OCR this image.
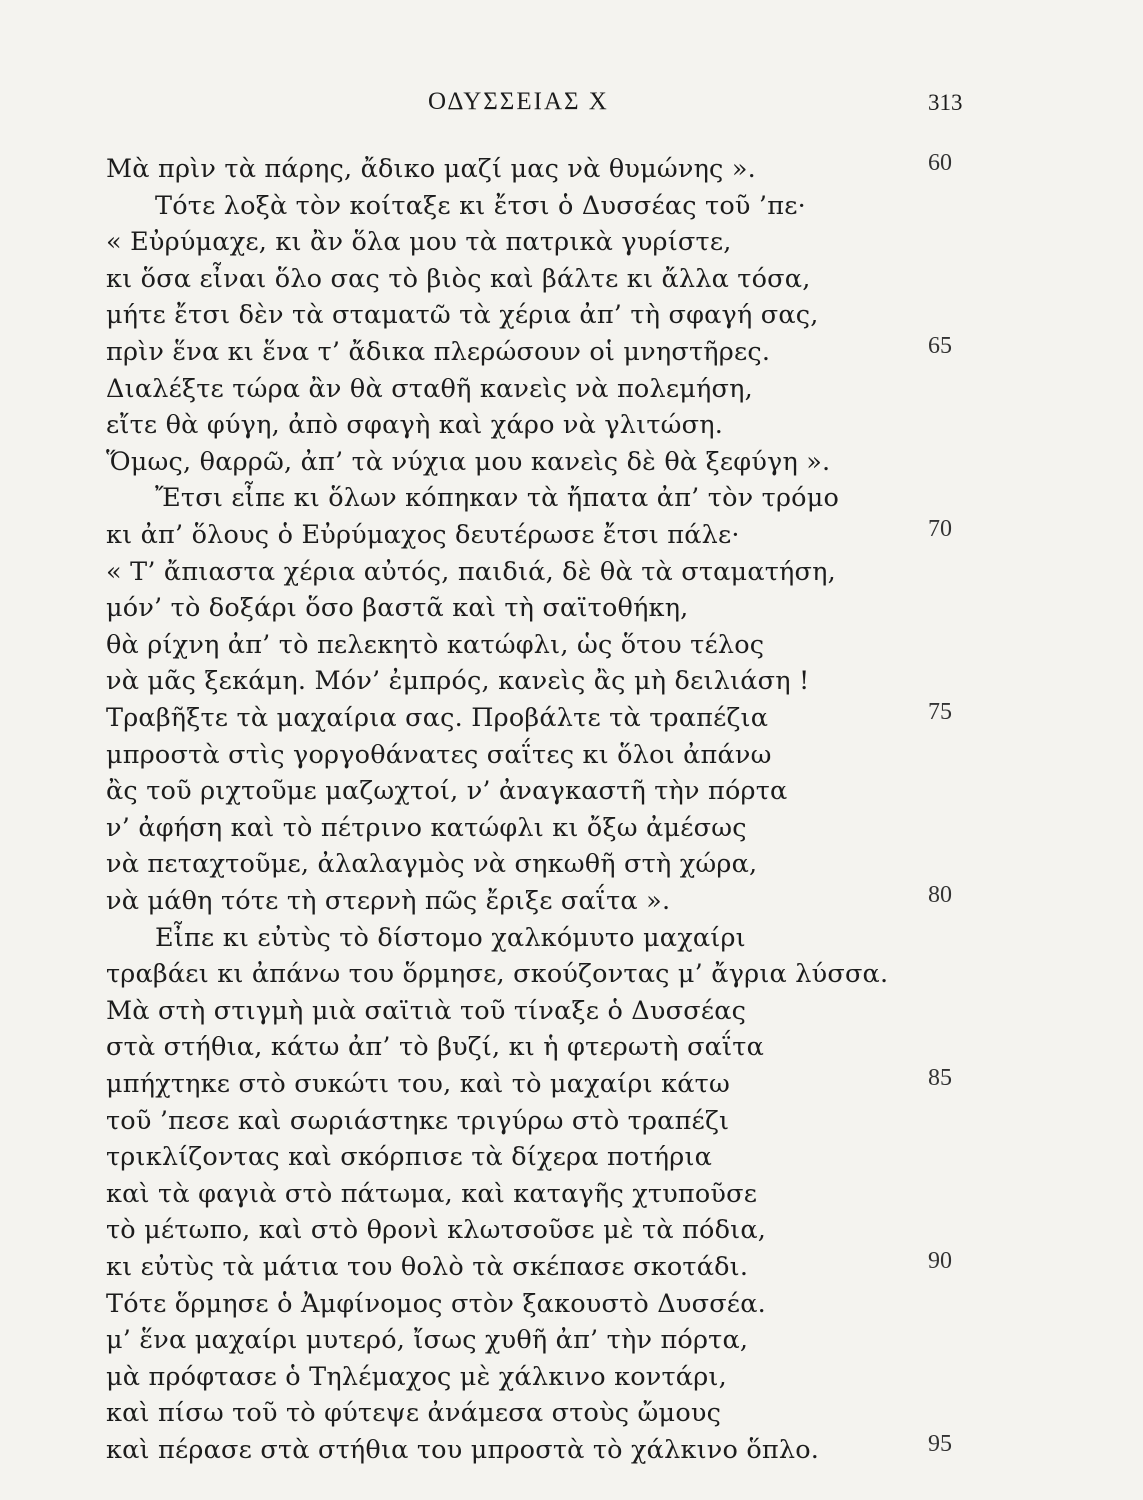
ΟΔΥΣΣΕΙΑΣ Χ	313
Μὰ πρὶν τὰ πάρης, ἄδικο μαζί μας νὰ θυμώνης ».	60
Τότε λοξὰ τὸν κοίταξε κι ἔτσι ὁ Δυσσέας τοῦ ’πε·
« Εὐρύμαχε, κι ἂν ὅλα μου τὰ πατρικὰ γυρίστε,
κι ὅσα εἶναι ὅλο σας τὸ βιὸς καὶ βάλτε κι ἄλλα τόσα,
μήτε ἔτσι δὲν τὰ σταματῶ τὰ χέρια ἀπ’ τὴ σφαγή σας,
πρὶν ἕνα κι ἕνα τ’ ἄδικα πλερώσουν οἱ μνηστῆρες.	65
Διαλέξτε τώρα ἂν θὰ σταθῆ κανεὶς νὰ πολεμήση,
εἴτε θὰ φύγη, ἀπὸ σφαγὴ καὶ χάρο νὰ γλιτώση.
Ὅμως, θαρρῶ, ἀπ’ τὰ νύχια μου κανεὶς δὲ θὰ ξεφύγη ».
Ἔτσι εἶπε κι ὅλων κόπηκαν τὰ ἤπατα ἀπ’ τὸν τρόμο
κι ἀπ’ ὅλους ὁ Εὐρύμαχος δευτέρωσε ἔτσι πάλε·	70
« Τ’ ἄπιαστα χέρια αὐτός, παιδιά, δὲ θὰ τὰ σταματήση,
μόν’ τὸ δοξάρι ὅσο βαστᾶ καὶ τὴ σαϊτοθήκη,
θὰ ρίχνη ἀπ’ τὸ πελεκητὸ κατώφλι, ὡς ὅτου τέλος
νὰ μᾶς ξεκάμη. Μόν’ ἐμπρός, κανεὶς ἂς μὴ δειλιάση !
Τραβῆξτε τὰ μαχαίρια σας. Προβάλτε τὰ τραπέζια	75
μπροστὰ στὶς γοργοθάνατες σαΐτες κι ὅλοι ἀπάνω
ἂς τοῦ ριχτοῦμε μαζωχτοί, ν’ ἀναγκαστῆ τὴν πόρτα
ν’ ἀφήση καὶ τὸ πέτρινο κατώφλι κι ὄξω ἀμέσως
νὰ πεταχτοῦμε, ἀλαλαγμὸς νὰ σηκωθῆ στὴ χώρα,
νὰ μάθη τότε τὴ στερνὴ πῶς ἔριξε σαΐτα ».	80
Εἶπε κι εὐτὺς τὸ δίστομο χαλκόμυτο μαχαίρι
τραβάει κι ἀπάνω του ὅρμησε, σκούζοντας μ’ ἄγρια λύσσα.
Μὰ στὴ στιγμὴ μιὰ σαϊτιὰ τοῦ τίναξε ὁ Δυσσέας
στὰ στήθια, κάτω ἀπ’ τὸ βυζί, κι ἡ φτερωτὴ σαΐτα
μπήχτηκε στὸ συκώτι του, καὶ τὸ μαχαίρι κάτω	85
τοῦ ’πεσε καὶ σωριάστηκε τριγύρω στὸ τραπέζι
τρικλίζοντας καὶ σκόρπισε τὰ δίχερα ποτήρια
καὶ τὰ φαγιὰ στὸ πάτωμα, καὶ καταγῆς χτυποῦσε
τὸ μέτωπο, καὶ στὸ θρονὶ κλωτσοῦσε μὲ τὰ πόδια,
κι εὐτὺς τὰ μάτια του θολὸ τὰ σκέπασε σκοτάδι.	90
Τότε ὅρμησε ὁ Ἀμφίνομος στὸν ξακουστὸ Δυσσέα.
μ’ ἕνα μαχαίρι μυτερό, ἴσως χυθῆ ἀπ’ τὴν πόρτα,
μὰ πρόφτασε ὁ Τηλέμαχος μὲ χάλκινο κοντάρι,
καὶ πίσω τοῦ τὸ φύτεψε ἀνάμεσα στοὺς ὤμους
καὶ πέρασε στὰ στήθια του μπροστὰ τὸ χάλκινο ὅπλο.	95
